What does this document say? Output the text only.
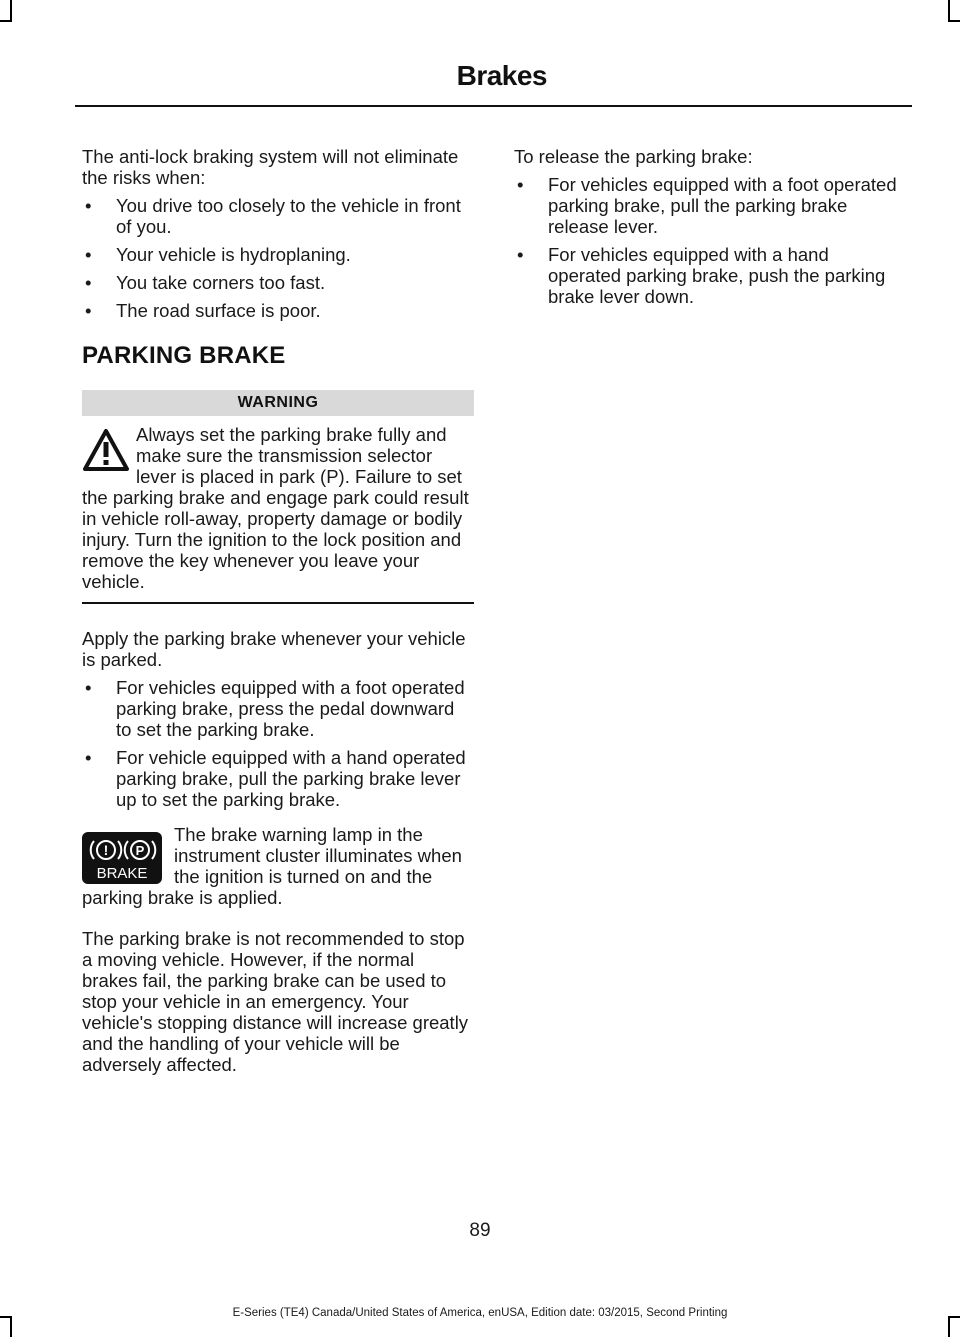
Brakes

The anti-lock braking system will not eliminate the risks when:

• You drive too closely to the vehicle in front of you.
• Your vehicle is hydroplaning.
• You take corners too fast.
• The road surface is poor.
PARKING BRAKE
WARNING

Always set the parking brake fully and make sure the transmission selector lever is placed in park (P). Failure to set the parking brake and engage park could result in vehicle roll-away, property damage or bodily injury. Turn the ignition to the lock position and remove the key whenever you leave your vehicle.

Apply the parking brake whenever your vehicle is parked.

• For vehicles equipped with a foot operated parking brake, press the pedal downward to set the parking brake.
• For vehicle equipped with a hand operated parking brake, pull the parking brake lever up to set the parking brake.
! P
BRAKE

The brake warning lamp in the instrument cluster illuminates when the ignition is turned on and the parking brake is applied.

The parking brake is not recommended to stop a moving vehicle. However, if the normal brakes fail, the parking brake can be used to stop your vehicle in an emergency. Your vehicle's stopping distance will increase greatly and the handling of your vehicle will be adversely affected.

To release the parking brake:

• For vehicles equipped with a foot operated parking brake, pull the parking brake release lever.
• For vehicles equipped with a hand operated parking brake, push the parking brake lever down.
89
E-Series (TE4) Canada/United States of America, enUSA, Edition date: 03/2015, Second Printing
